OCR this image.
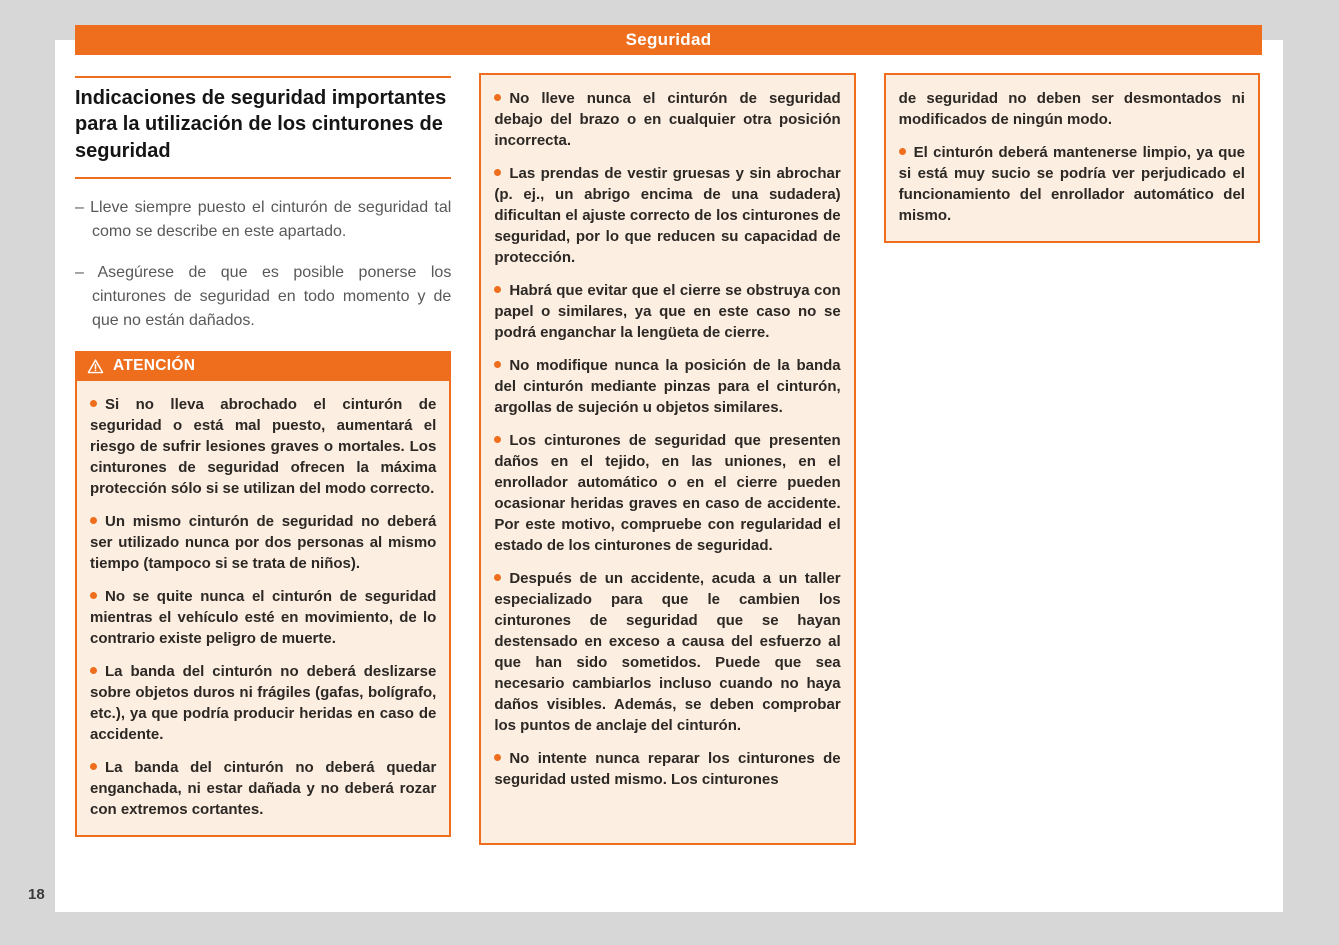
Seguridad
Indicaciones de seguridad importantes para la utilización de los cinturones de seguridad

– Lleve siempre puesto el cinturón de seguridad tal como se describe en este apartado.

– Asegúrese de que es posible ponerse los cinturones de seguridad en todo momento y de que no están dañados.

ATENCIÓN

Si no lleva abrochado el cinturón de seguridad o está mal puesto, aumentará el riesgo de sufrir lesiones graves o mortales. Los cinturones de seguridad ofrecen la máxima protección sólo si se utilizan del modo correcto.

Un mismo cinturón de seguridad no deberá ser utilizado nunca por dos personas al mismo tiempo (tampoco si se trata de niños).

No se quite nunca el cinturón de seguridad mientras el vehículo esté en movimiento, de lo contrario existe peligro de muerte.

La banda del cinturón no deberá deslizarse sobre objetos duros ni frágiles (gafas, bolígrafo, etc.), ya que podría producir heridas en caso de accidente.

La banda del cinturón no deberá quedar enganchada, ni estar dañada y no deberá rozar con extremos cortantes.

No lleve nunca el cinturón de seguridad debajo del brazo o en cualquier otra posición incorrecta.

Las prendas de vestir gruesas y sin abrochar (p. ej., un abrigo encima de una sudadera) dificultan el ajuste correcto de los cinturones de seguridad, por lo que reducen su capacidad de protección.

Habrá que evitar que el cierre se obstruya con papel o similares, ya que en este caso no se podrá enganchar la lengüeta de cierre.

No modifique nunca la posición de la banda del cinturón mediante pinzas para el cinturón, argollas de sujeción u objetos similares.

Los cinturones de seguridad que presenten daños en el tejido, en las uniones, en el enrollador automático o en el cierre pueden ocasionar heridas graves en caso de accidente. Por este motivo, compruebe con regularidad el estado de los cinturones de seguridad.

Después de un accidente, acuda a un taller especializado para que le cambien los cinturones de seguridad que se hayan destensado en exceso a causa del esfuerzo al que han sido sometidos. Puede que sea necesario cambiarlos incluso cuando no haya daños visibles. Además, se deben comprobar los puntos de anclaje del cinturón.

No intente nunca reparar los cinturones de seguridad usted mismo. Los cinturones

de seguridad no deben ser desmontados ni modificados de ningún modo.

El cinturón deberá mantenerse limpio, ya que si está muy sucio se podría ver perjudicado el funcionamiento del enrollador automático del mismo.

18
